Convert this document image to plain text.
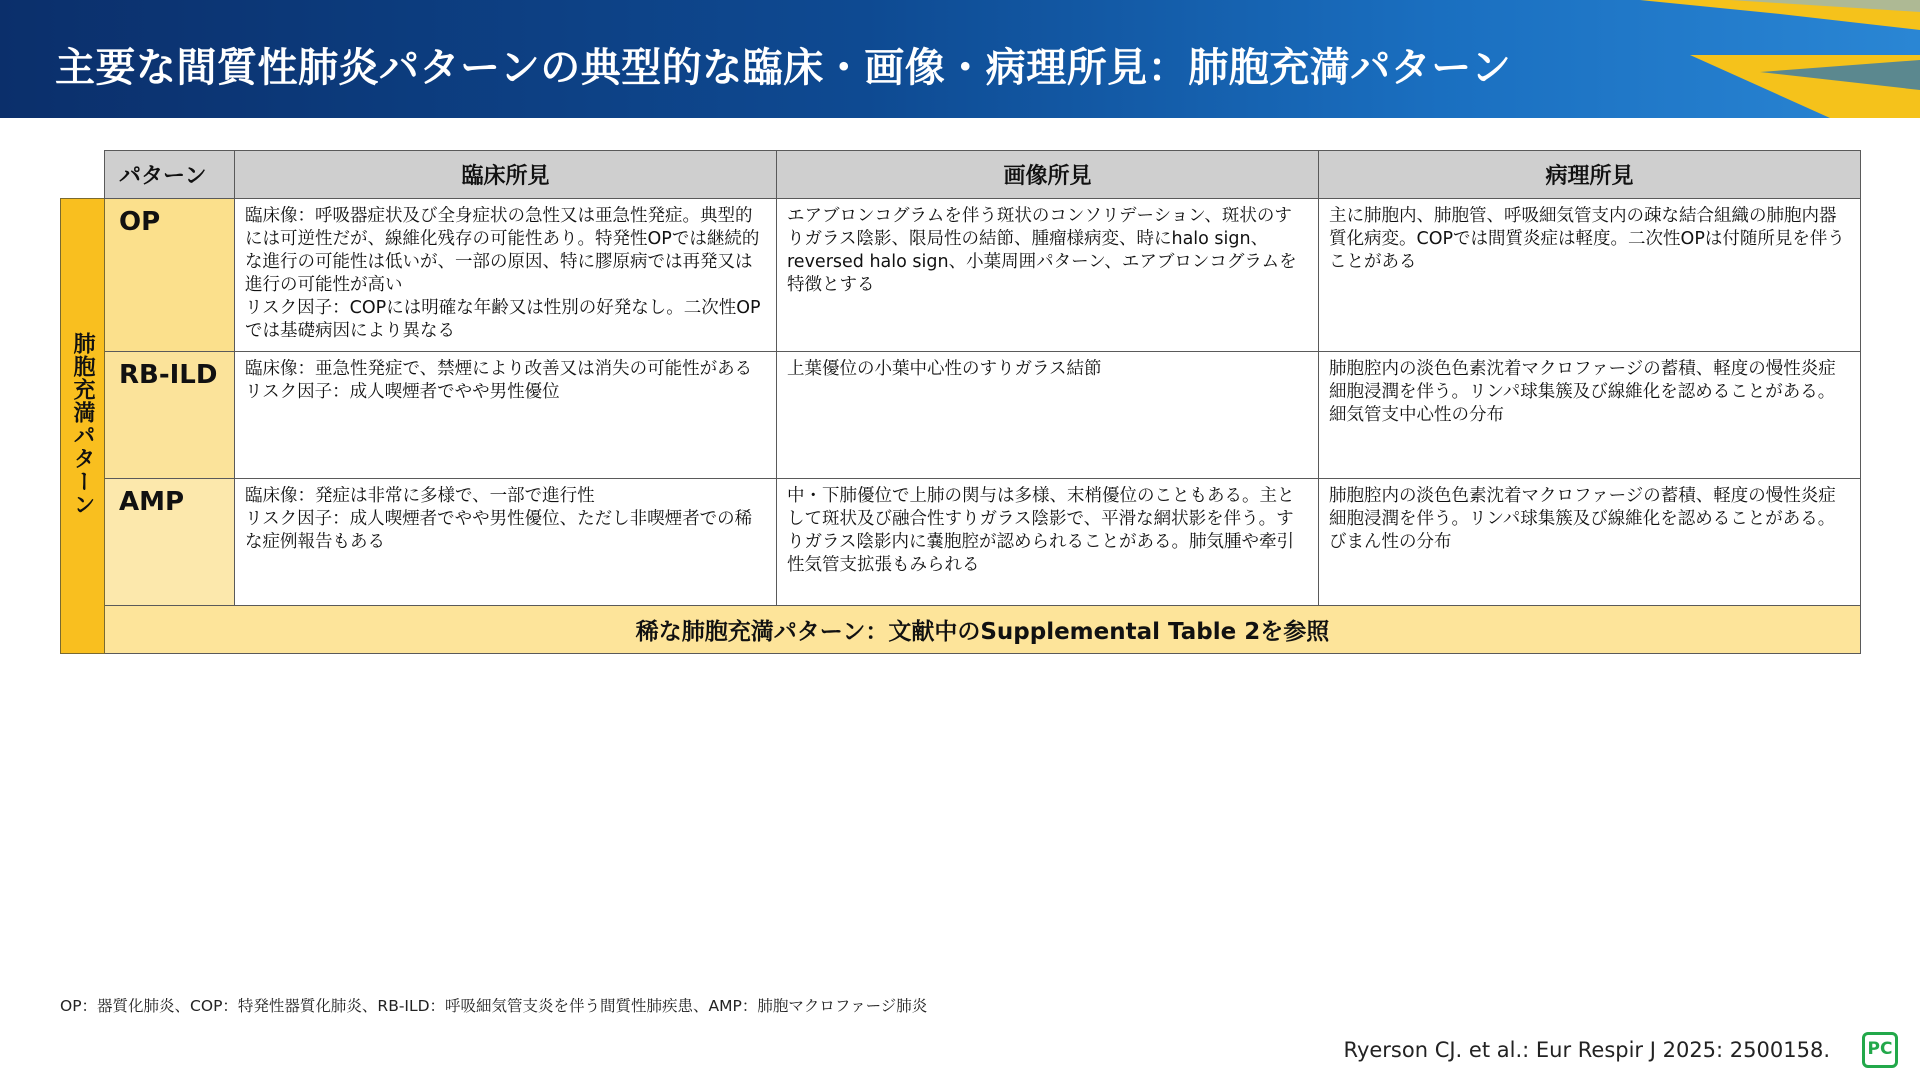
主要な間質性肺炎パターンの典型的な臨床・画像・病理所見：肺胞充満パターン
	パターン	臨床所見	画像所見	病理所見
肺胞充満パターン	OP	臨床像：呼吸器症状及び全身症状の急性又は亜急性発症。典型的には可逆性だが、線維化残存の可能性あり。特発性OPでは継続的な進行の可能性は低いが、一部の原因、特に膠原病では再発又は進行の可能性が高い
リスク因子：COPには明確な年齢又は性別の好発なし。二次性OPでは基礎病因により異なる	エアブロンコグラムを伴う斑状のコンソリデーション、斑状のすりガラス陰影、限局性の結節、腫瘤様病変、時にhalo sign、reversed halo sign、小葉周囲パターン、エアブロンコグラムを特徴とする	主に肺胞内、肺胞管、呼吸細気管支内の疎な結合組織の肺胞内器質化病変。COPでは間質炎症は軽度。二次性OPは付随所見を伴うことがある
	RB-ILD	臨床像：亜急性発症で、禁煙により改善又は消失の可能性がある
リスク因子：成人喫煙者でやや男性優位	上葉優位の小葉中心性のすりガラス結節	肺胞腔内の淡色色素沈着マクロファージの蓄積、軽度の慢性炎症細胞浸潤を伴う。リンパ球集簇及び線維化を認めることがある。細気管支中心性の分布
	AMP	臨床像：発症は非常に多様で、一部で進行性
リスク因子：成人喫煙者でやや男性優位、ただし非喫煙者での稀な症例報告もある	中・下肺優位で上肺の関与は多様、末梢優位のこともある。主として斑状及び融合性すりガラス陰影で、平滑な網状影を伴う。すりガラス陰影内に嚢胞腔が認められることがある。肺気腫や牽引性気管支拡張もみられる	肺胞腔内の淡色色素沈着マクロファージの蓄積、軽度の慢性炎症細胞浸潤を伴う。リンパ球集簇及び線維化を認めることがある。びまん性の分布
	稀な肺胞充満パターン：文献中のSupplemental Table 2を参照			
OP：器質化肺炎、COP：特発性器質化肺炎、RB-ILD：呼吸細気管支炎を伴う間質性肺疾患、AMP：肺胞マクロファージ肺炎
Ryerson CJ. et al.: Eur Respir J 2025: 2500158.	PC
